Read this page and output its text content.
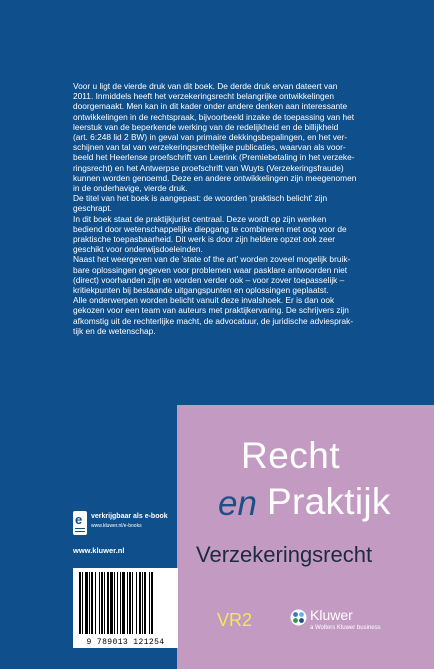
Voor u ligt de vierde druk van dit boek. De derde druk ervan dateert van
2011. Inmiddels heeft het verzekeringsrecht belangrijke ontwikkelingen
doorgemaakt. Men kan in dit kader onder andere denken aan interessante
ontwikkelingen in de rechtspraak, bijvoorbeeld inzake de toepassing van het
leerstuk van de beperkende werking van de redelijkheid en de billijkheid
(art. 6:248 lid 2 BW) in geval van primaire dekkingsbepalingen, en het ver-
schijnen van tal van verzekeringsrechtelijke publicaties, waarvan als voor-
beeld het Heerlense proefschrift van Leerink (Premiebetaling in het verzeke-
ringsrecht) en het Antwerpse proefschrift van Wuyts (Verzekeringsfraude)
kunnen worden genoemd. Deze en andere ontwikkelingen zijn meegenomen
in de onderhavige, vierde druk.

De titel van het boek is aangepast: de woorden 'praktisch belicht' zijn
geschrapt.

In dit boek staat de praktijkjurist centraal. Deze wordt op zijn wenken
bediend door wetenschappelijke diepgang te combineren met oog voor de
praktische toepasbaarheid. Dit werk is door zijn heldere opzet ook zeer
geschikt voor onderwijsdoeleinden.

Naast het weergeven van de 'state of the art' worden zoveel mogelijk bruik-
bare oplossingen gegeven voor problemen waar pasklare antwoorden niet
(direct) voorhanden zijn en worden verder ook – voor zover toepasselijk –
kritiekpunten bij bestaande uitgangspunten en oplossingen geplaatst.

Alle onderwerpen worden belicht vanuit deze invalshoek. Er is dan ook
gekozen voor een team van auteurs met praktijkervaring. De schrijvers zijn
afkomstig uit de rechterlijke macht, de advocatuur, de juridische adviesprak-
tijk en de wetenschap.

Recht
en Praktijk
Verzekeringsrecht
VR2	Kluwer
a Wolters Kluwer business
e verkrijgbaar als e-book
www.kluwer.nl/e-books
www.kluwer.nl
9 789013 121254
